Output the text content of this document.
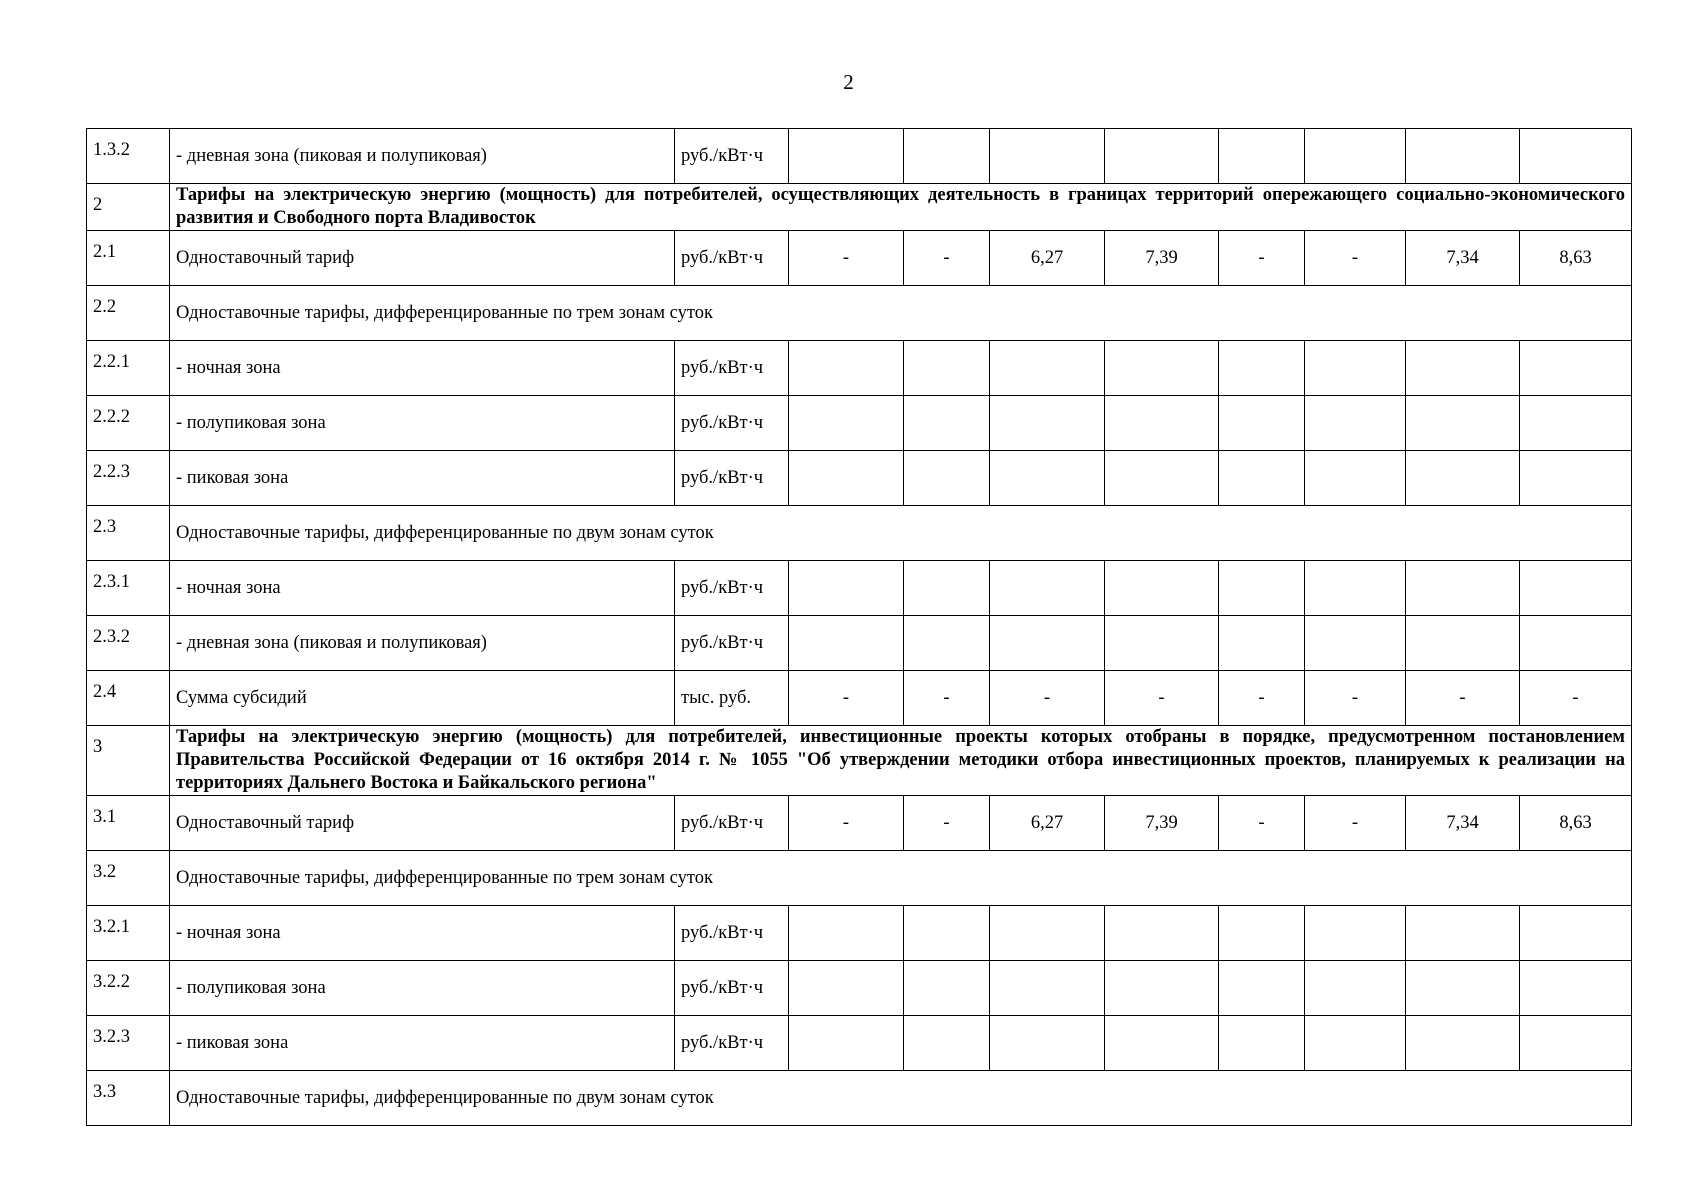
2
1.3.2	- дневная зона (пиковая и полупиковая)	руб./кВт·ч								
2	Тарифы на электрическую энергию (мощность) для потребителей, осуществляющих деятельность в границах территорий опережающего социально-экономического развития и Свободного порта Владивосток									
2.1	Одноставочный тариф	руб./кВт·ч	-	-	6,27	7,39	-	-	7,34	8,63
2.2	Одноставочные тарифы, дифференцированные по трем зонам суток									
2.2.1	- ночная зона	руб./кВт·ч								
2.2.2	- полупиковая зона	руб./кВт·ч								
2.2.3	- пиковая зона	руб./кВт·ч								
2.3	Одноставочные тарифы, дифференцированные по двум зонам суток									
2.3.1	- ночная зона	руб./кВт·ч								
2.3.2	- дневная зона (пиковая и полупиковая)	руб./кВт·ч								
2.4	Сумма субсидий	тыс. руб.	-	-	-	-	-	-	-	-
3	Тарифы на электрическую энергию (мощность) для потребителей, инвестиционные проекты которых отобраны в порядке, предусмотренном постановлением Правительства Российской Федерации от 16 октября 2014 г. № 1055 "Об утверждении методики отбора инвестиционных проектов, планируемых к реализации на территориях Дальнего Востока и Байкальского региона"									
3.1	Одноставочный тариф	руб./кВт·ч	-	-	6,27	7,39	-	-	7,34	8,63
3.2	Одноставочные тарифы, дифференцированные по трем зонам суток									
3.2.1	- ночная зона	руб./кВт·ч								
3.2.2	- полупиковая зона	руб./кВт·ч								
3.2.3	- пиковая зона	руб./кВт·ч								
3.3	Одноставочные тарифы, дифференцированные по двум зонам суток									
